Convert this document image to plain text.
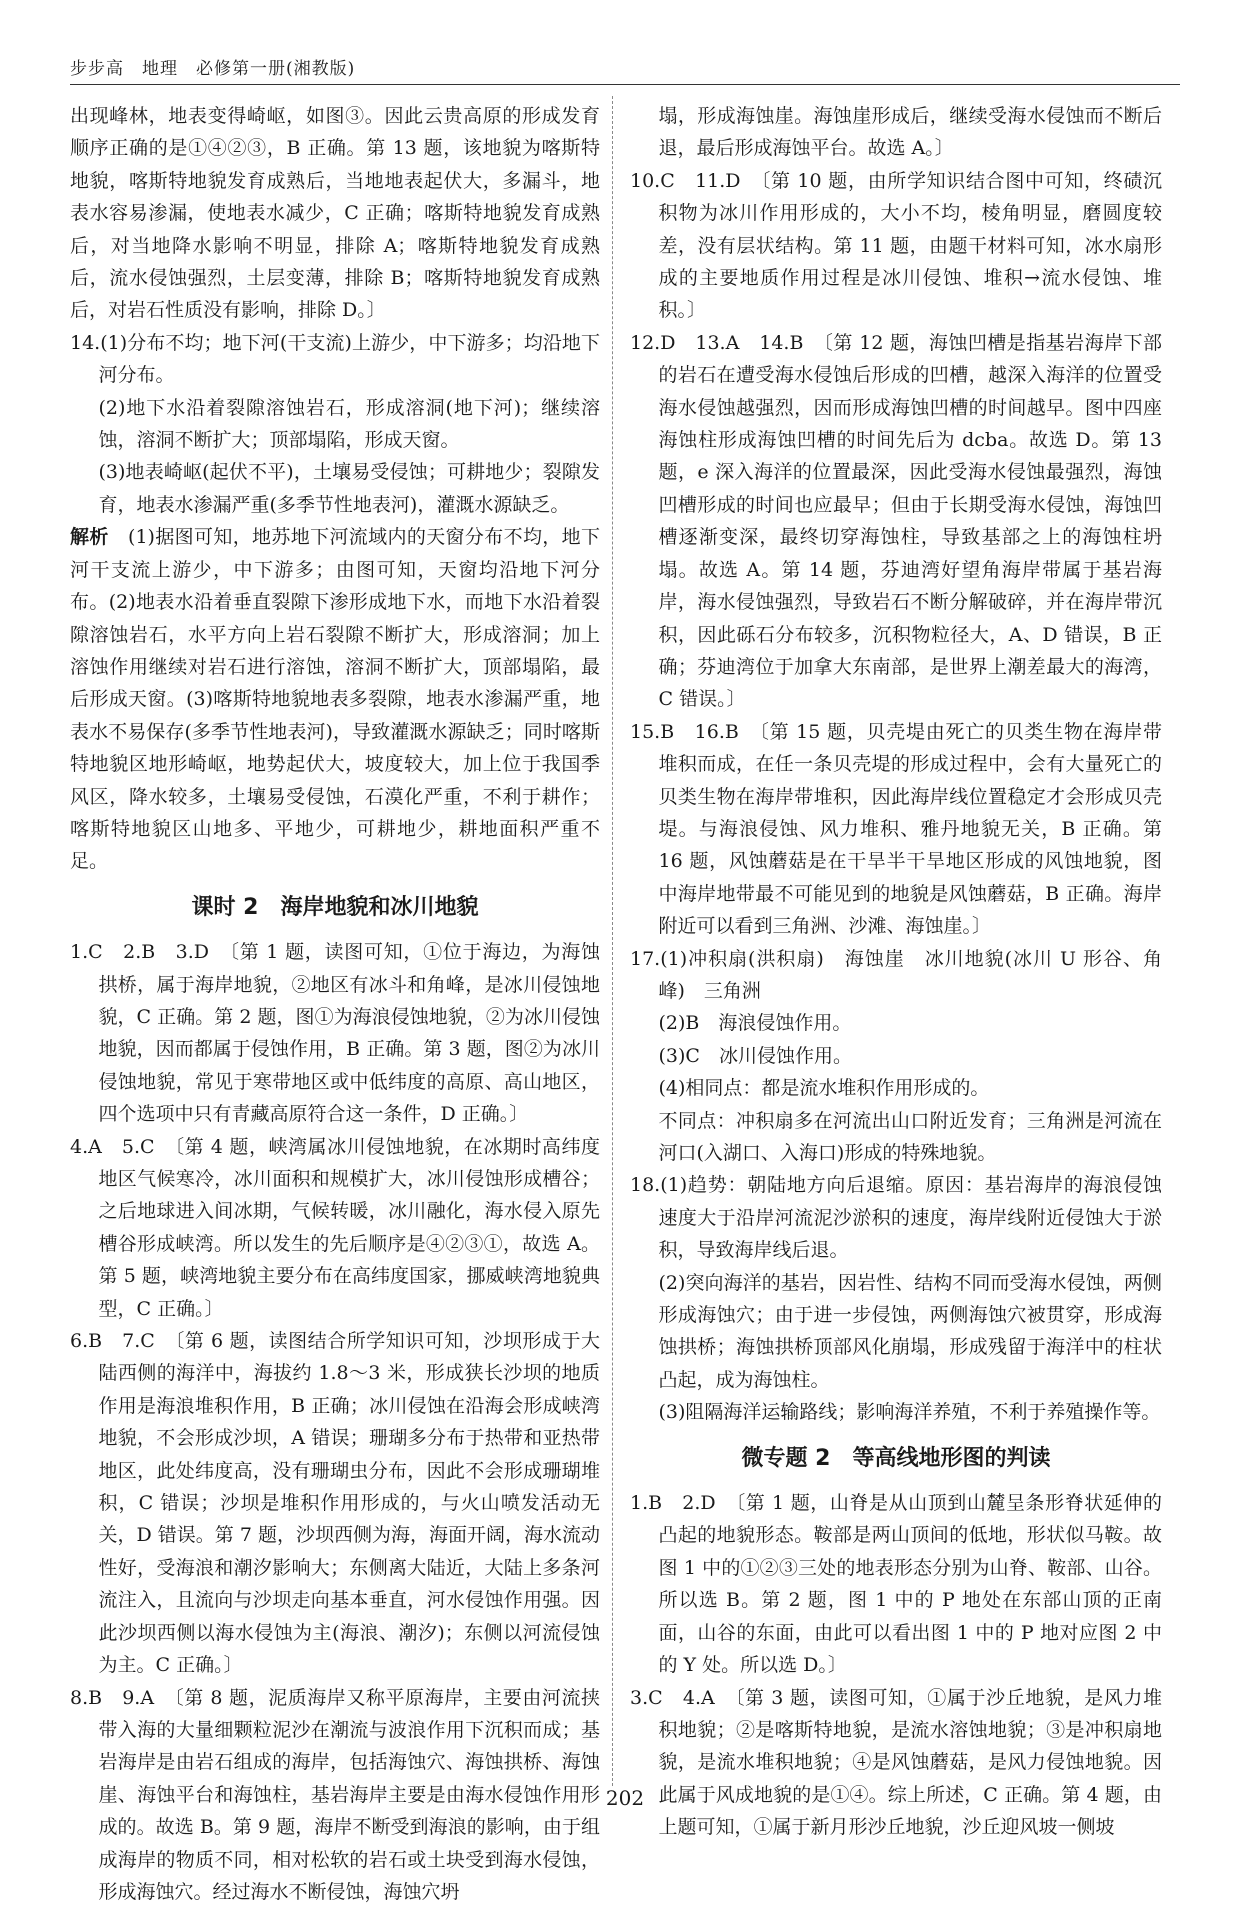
步步高　地理　必修第一册(湘教版)

出现峰林，地表变得崎岖，如图③。因此云贵高原的形成发育顺序正确的是①④②③，B 正确。第 13 题，该地貌为喀斯特地貌，喀斯特地貌发育成熟后，当地地表起伏大，多漏斗，地表水容易渗漏，使地表水减少，C 正确；喀斯特地貌发育成熟后，对当地降水影响不明显，排除 A；喀斯特地貌发育成熟后，流水侵蚀强烈，土层变薄，排除 B；喀斯特地貌发育成熟后，对岩石性质没有影响，排除 D。〕

14.(1)分布不均；地下河(干支流)上游少，中下游多；均沿地下河分布。

(2)地下水沿着裂隙溶蚀岩石，形成溶洞(地下河)；继续溶蚀，溶洞不断扩大；顶部塌陷，形成天窗。

(3)地表崎岖(起伏不平)，土壤易受侵蚀；可耕地少；裂隙发育，地表水渗漏严重(多季节性地表河)，灌溉水源缺乏。

解析　(1)据图可知，地苏地下河流域内的天窗分布不均，地下河干支流上游少，中下游多；由图可知，天窗均沿地下河分布。(2)地表水沿着垂直裂隙下渗形成地下水，而地下水沿着裂隙溶蚀岩石，水平方向上岩石裂隙不断扩大，形成溶洞；加上溶蚀作用继续对岩石进行溶蚀，溶洞不断扩大，顶部塌陷，最后形成天窗。(3)喀斯特地貌地表多裂隙，地表水渗漏严重，地表水不易保存(多季节性地表河)，导致灌溉水源缺乏；同时喀斯特地貌区地形崎岖，地势起伏大，坡度较大，加上位于我国季风区，降水较多，土壤易受侵蚀，石漠化严重，不利于耕作；喀斯特地貌区山地多、平地少，可耕地少，耕地面积严重不足。

课时 2　海岸地貌和冰川地貌

1.C　2.B　3.D　〔第 1 题，读图可知，①位于海边，为海蚀拱桥，属于海岸地貌，②地区有冰斗和角峰，是冰川侵蚀地貌，C 正确。第 2 题，图①为海浪侵蚀地貌，②为冰川侵蚀地貌，因而都属于侵蚀作用，B 正确。第 3 题，图②为冰川侵蚀地貌，常见于寒带地区或中低纬度的高原、高山地区，四个选项中只有青藏高原符合这一条件，D 正确。〕

4.A　5.C　〔第 4 题，峡湾属冰川侵蚀地貌，在冰期时高纬度地区气候寒冷，冰川面积和规模扩大，冰川侵蚀形成槽谷；之后地球进入间冰期，气候转暖，冰川融化，海水侵入原先槽谷形成峡湾。所以发生的先后顺序是④②③①，故选 A。第 5 题，峡湾地貌主要分布在高纬度国家，挪威峡湾地貌典型，C 正确。〕

6.B　7.C　〔第 6 题，读图结合所学知识可知，沙坝形成于大陆西侧的海洋中，海拔约 1.8～3 米，形成狭长沙坝的地质作用是海浪堆积作用，B 正确；冰川侵蚀在沿海会形成峡湾地貌，不会形成沙坝，A 错误；珊瑚多分布于热带和亚热带地区，此处纬度高，没有珊瑚虫分布，因此不会形成珊瑚堆积，C 错误；沙坝是堆积作用形成的，与火山喷发活动无关，D 错误。第 7 题，沙坝西侧为海，海面开阔，海水流动性好，受海浪和潮汐影响大；东侧离大陆近，大陆上多条河流注入，且流向与沙坝走向基本垂直，河水侵蚀作用强。因此沙坝西侧以海水侵蚀为主(海浪、潮汐)；东侧以河流侵蚀为主。C 正确。〕

8.B　9.A　〔第 8 题，泥质海岸又称平原海岸，主要由河流挟带入海的大量细颗粒泥沙在潮流与波浪作用下沉积而成；基岩海岸是由岩石组成的海岸，包括海蚀穴、海蚀拱桥、海蚀崖、海蚀平台和海蚀柱，基岩海岸主要是由海水侵蚀作用形成的。故选 B。第 9 题，海岸不断受到海浪的影响，由于组成海岸的物质不同，相对松软的岩石或土块受到海水侵蚀，形成海蚀穴。经过海水不断侵蚀，海蚀穴坍

塌，形成海蚀崖。海蚀崖形成后，继续受海水侵蚀而不断后退，最后形成海蚀平台。故选 A。〕

10.C　11.D　〔第 10 题，由所学知识结合图中可知，终碛沉积物为冰川作用形成的，大小不均，棱角明显，磨圆度较差，没有层状结构。第 11 题，由题干材料可知，冰水扇形成的主要地质作用过程是冰川侵蚀、堆积→流水侵蚀、堆积。〕

12.D　13.A　14.B　〔第 12 题，海蚀凹槽是指基岩海岸下部的岩石在遭受海水侵蚀后形成的凹槽，越深入海洋的位置受海水侵蚀越强烈，因而形成海蚀凹槽的时间越早。图中四座海蚀柱形成海蚀凹槽的时间先后为 dcba。故选 D。第 13 题，e 深入海洋的位置最深，因此受海水侵蚀最强烈，海蚀凹槽形成的时间也应最早；但由于长期受海水侵蚀，海蚀凹槽逐渐变深，最终切穿海蚀柱，导致基部之上的海蚀柱坍塌。故选 A。第 14 题，芬迪湾好望角海岸带属于基岩海岸，海水侵蚀强烈，导致岩石不断分解破碎，并在海岸带沉积，因此砾石分布较多，沉积物粒径大，A、D 错误，B 正确；芬迪湾位于加拿大东南部，是世界上潮差最大的海湾，C 错误。〕

15.B　16.B　〔第 15 题，贝壳堤由死亡的贝类生物在海岸带堆积而成，在任一条贝壳堤的形成过程中，会有大量死亡的贝类生物在海岸带堆积，因此海岸线位置稳定才会形成贝壳堤。与海浪侵蚀、风力堆积、雅丹地貌无关，B 正确。第 16 题，风蚀蘑菇是在干旱半干旱地区形成的风蚀地貌，图中海岸地带最不可能见到的地貌是风蚀蘑菇，B 正确。海岸附近可以看到三角洲、沙滩、海蚀崖。〕

17.(1)冲积扇(洪积扇)　海蚀崖　冰川地貌(冰川 U 形谷、角峰)　三角洲

(2)B　海浪侵蚀作用。

(3)C　冰川侵蚀作用。

(4)相同点：都是流水堆积作用形成的。

不同点：冲积扇多在河流出山口附近发育；三角洲是河流在河口(入湖口、入海口)形成的特殊地貌。

18.(1)趋势：朝陆地方向后退缩。原因：基岩海岸的海浪侵蚀速度大于沿岸河流泥沙淤积的速度，海岸线附近侵蚀大于淤积，导致海岸线后退。

(2)突向海洋的基岩，因岩性、结构不同而受海水侵蚀，两侧形成海蚀穴；由于进一步侵蚀，两侧海蚀穴被贯穿，形成海蚀拱桥；海蚀拱桥顶部风化崩塌，形成残留于海洋中的柱状凸起，成为海蚀柱。

(3)阻隔海洋运输路线；影响海洋养殖，不利于养殖操作等。

微专题 2　等高线地形图的判读

1.B　2.D　〔第 1 题，山脊是从山顶到山麓呈条形脊状延伸的凸起的地貌形态。鞍部是两山顶间的低地，形状似马鞍。故图 1 中的①②③三处的地表形态分别为山脊、鞍部、山谷。所以选 B。第 2 题，图 1 中的 P 地处在东部山顶的正南面，山谷的东面，由此可以看出图 1 中的 P 地对应图 2 中的 Y 处。所以选 D。〕

3.C　4.A　〔第 3 题，读图可知，①属于沙丘地貌，是风力堆积地貌；②是喀斯特地貌，是流水溶蚀地貌；③是冲积扇地貌，是流水堆积地貌；④是风蚀蘑菇，是风力侵蚀地貌。因此属于风成地貌的是①④。综上所述，C 正确。第 4 题，由上题可知，①属于新月形沙丘地貌，沙丘迎风坡一侧坡

202
